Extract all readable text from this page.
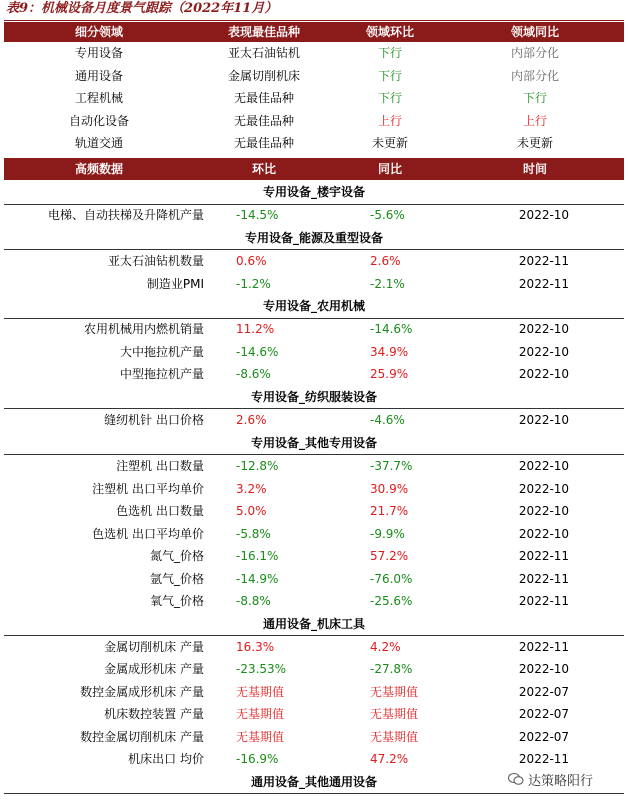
表9：机械设备月度景气跟踪（2022年11月）
细分领域	表现最佳品种	领域环比	领域同比
专用设备	亚太石油钻机	下行	内部分化
通用设备	金属切削机床	下行	内部分化
工程机械	无最佳品种	下行	下行
自动化设备	无最佳品种	上行	上行
轨道交通	无最佳品种	未更新	未更新
高频数据	环比	同比	时间
专用设备_楼宇设备
电梯、自动扶梯及升降机产量	-14.5%	-5.6%	2022-10
专用设备_能源及重型设备
亚太石油钻机数量	0.6%	2.6%	2022-11
制造业PMI	-1.2%	-2.1%	2022-11
专用设备_农用机械
农用机械用内燃机销量	11.2%	-14.6%	2022-10
大中拖拉机产量	-14.6%	34.9%	2022-10
中型拖拉机产量	-8.6%	25.9%	2022-10
专用设备_纺织服装设备
缝纫机针 出口价格	2.6%	-4.6%	2022-10
专用设备_其他专用设备
注塑机 出口数量	-12.8%	-37.7%	2022-10
注塑机 出口平均单价	3.2%	30.9%	2022-10
色选机 出口数量	5.0%	21.7%	2022-10
色选机 出口平均单价	-5.8%	-9.9%	2022-10
氮气_价格	-16.1%	57.2%	2022-11
氩气_价格	-14.9%	-76.0%	2022-11
氧气_价格	-8.8%	-25.6%	2022-11
通用设备_机床工具
金属切削机床 产量	16.3%	4.2%	2022-11
金属成形机床 产量	-23.53%	-27.8%	2022-10
数控金属成形机床 产量	无基期值	无基期值	2022-07
机床数控装置 产量	无基期值	无基期值	2022-07
数控金属切削机床 产量	无基期值	无基期值	2022-07
机床出口 均价	-16.9%	47.2%	2022-11
通用设备_其他通用设备	达策略阳行
